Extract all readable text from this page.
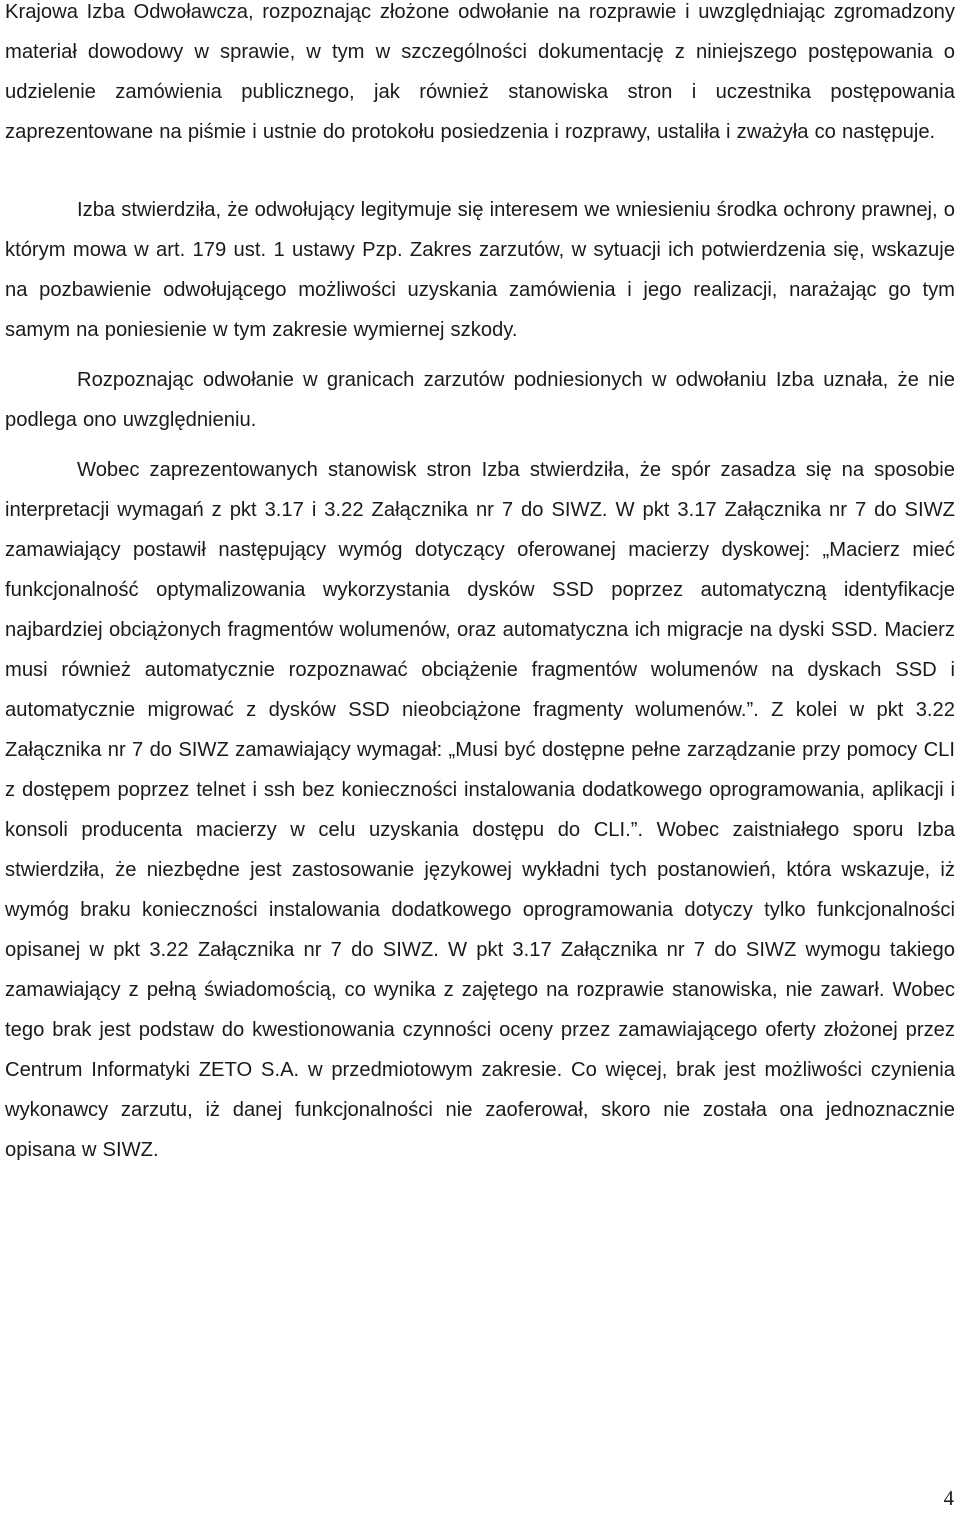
Krajowa Izba Odwoławcza, rozpoznając złożone odwołanie na rozprawie i uwzględniając zgromadzony materiał dowodowy w sprawie, w tym w szczególności dokumentację z niniejszego postępowania o udzielenie zamówienia publicznego, jak również stanowiska stron i uczestnika postępowania zaprezentowane na piśmie i ustnie do protokołu posiedzenia i rozprawy, ustaliła i zważyła co następuje.

Izba stwierdziła, że odwołujący legitymuje się interesem we wniesieniu środka ochrony prawnej, o którym mowa w art. 179 ust. 1 ustawy Pzp. Zakres zarzutów, w sytuacji ich potwierdzenia się, wskazuje na pozbawienie odwołującego możliwości uzyskania zamówienia i jego realizacji, narażając go tym samym na poniesienie w tym zakresie wymiernej szkody.

Rozpoznając odwołanie w granicach zarzutów podniesionych w odwołaniu Izba uznała, że nie podlega ono uwzględnieniu.

Wobec zaprezentowanych stanowisk stron Izba stwierdziła, że spór zasadza się na sposobie interpretacji wymagań z pkt 3.17 i 3.22 Załącznika nr 7 do SIWZ. W pkt 3.17 Załącznika nr 7 do SIWZ zamawiający postawił następujący wymóg dotyczący oferowanej macierzy dyskowej: „Macierz mieć funkcjonalność optymalizowania wykorzystania dysków SSD poprzez automatyczną identyfikacje najbardziej obciążonych fragmentów wolumenów, oraz automatyczna ich migracje na dyski SSD. Macierz musi również automatycznie rozpoznawać obciążenie fragmentów wolumenów na dyskach SSD i automatycznie migrować z dysków SSD nieobciążone fragmenty wolumenów.”. Z kolei w pkt 3.22 Załącznika nr 7 do SIWZ zamawiający wymagał: „Musi być dostępne pełne zarządzanie przy pomocy CLI z dostępem poprzez telnet i ssh bez konieczności instalowania dodatkowego oprogramowania, aplikacji i konsoli producenta macierzy w celu uzyskania dostępu do CLI.”. Wobec zaistniałego sporu Izba stwierdziła, że niezbędne jest zastosowanie językowej wykładni tych postanowień, która wskazuje, iż wymóg braku konieczności instalowania dodatkowego oprogramowania dotyczy tylko funkcjonalności opisanej w pkt 3.22 Załącznika nr 7 do SIWZ. W pkt 3.17 Załącznika nr 7 do SIWZ wymogu takiego zamawiający z pełną świadomością, co wynika z zajętego na rozprawie stanowiska, nie zawarł. Wobec tego brak jest podstaw do kwestionowania czynności oceny przez zamawiającego oferty złożonej przez Centrum Informatyki ZETO S.A. w przedmiotowym zakresie. Co więcej, brak jest możliwości czynienia wykonawcy zarzutu, iż danej funkcjonalności nie zaoferował, skoro nie została ona jednoznacznie opisana w SIWZ.

4
